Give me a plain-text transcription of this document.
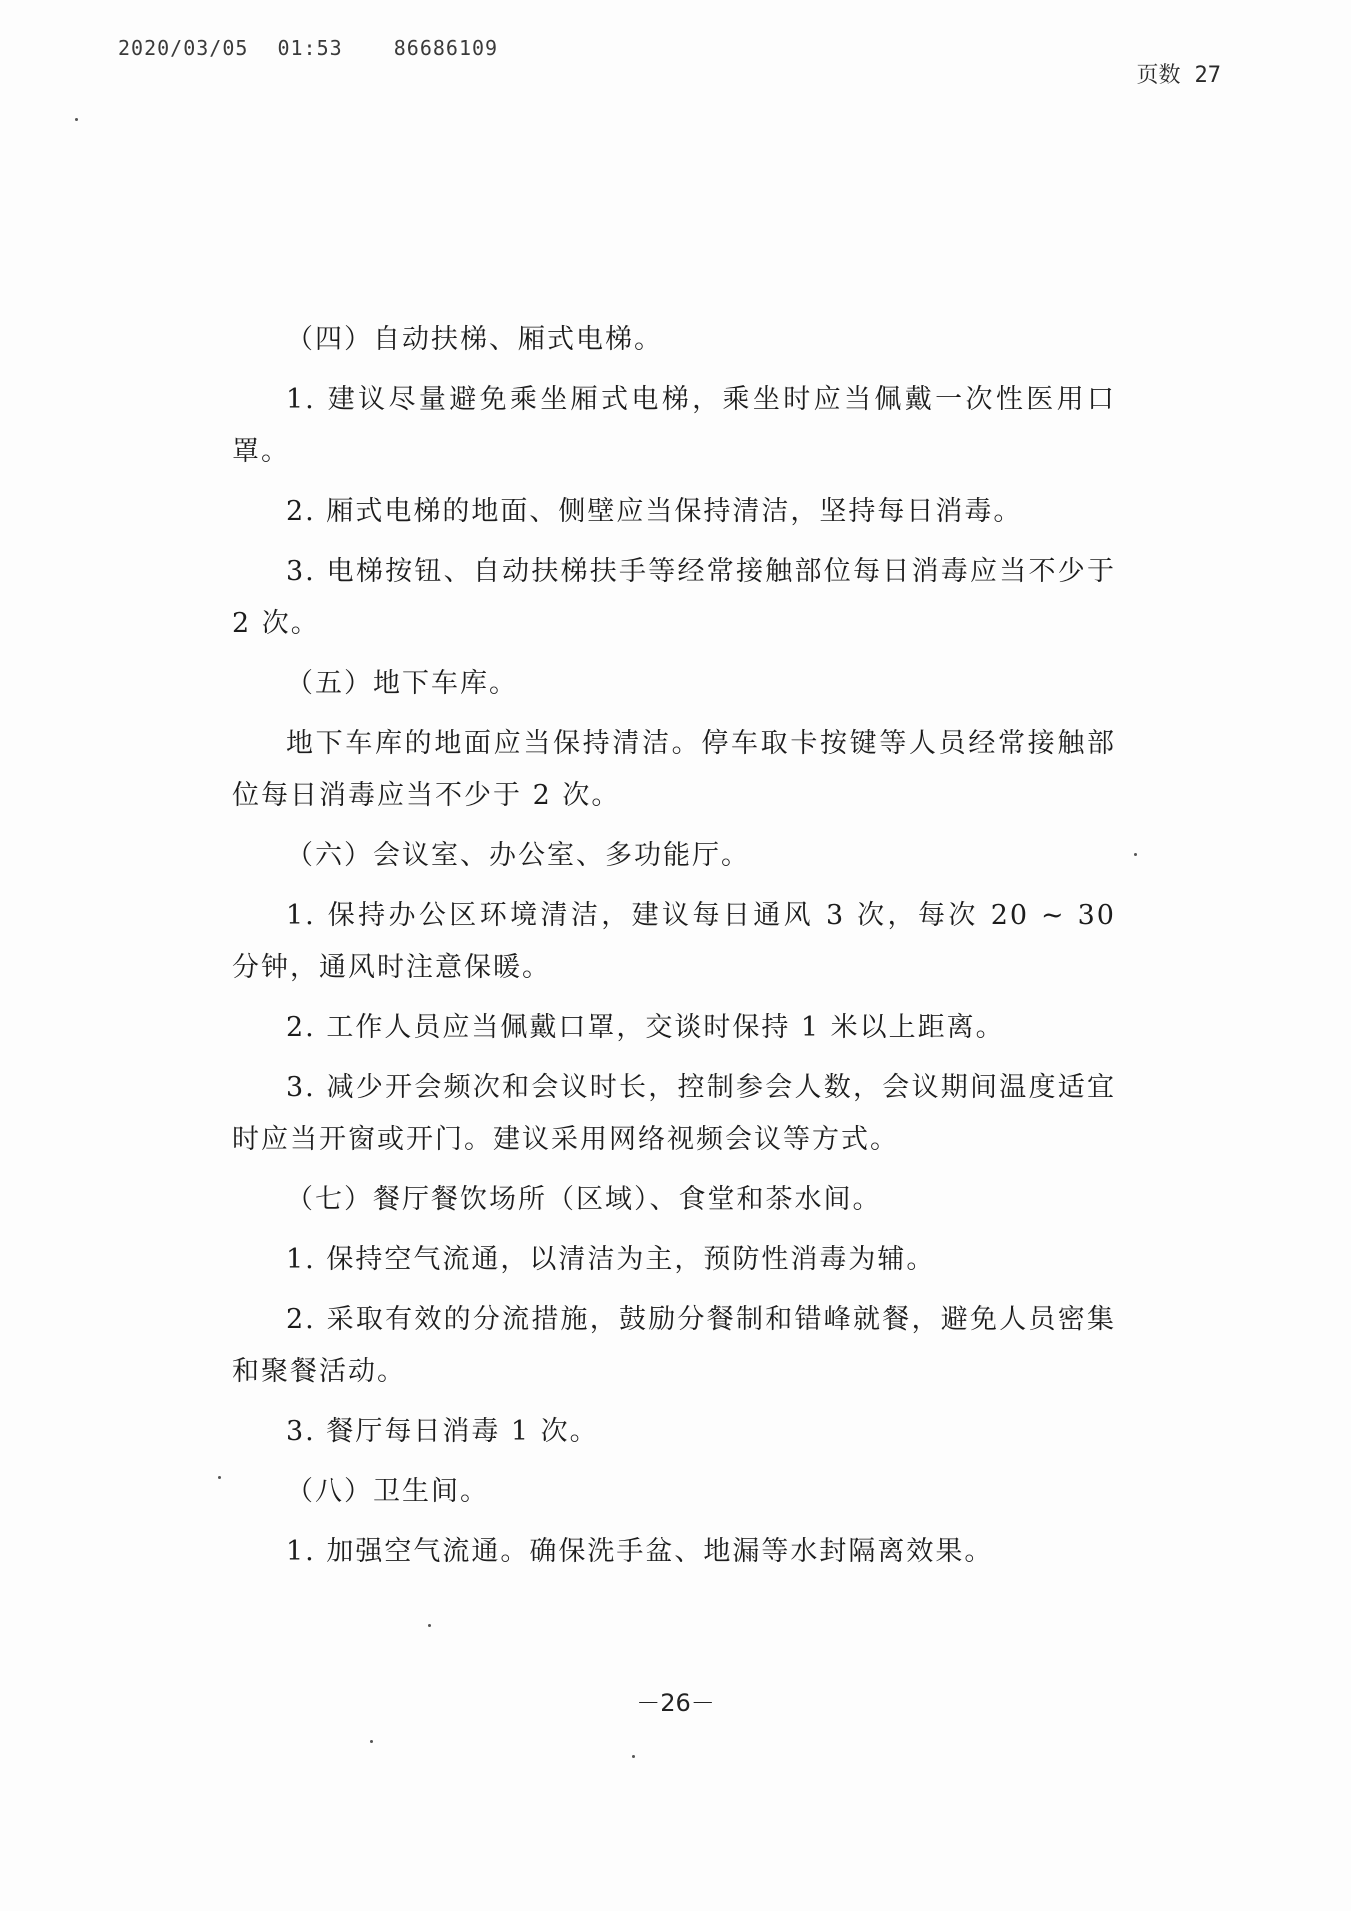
2020/03/05 01:53	86686109
页数 27

（四）自动扶梯、厢式电梯。

1. 建议尽量避免乘坐厢式电梯，乘坐时应当佩戴一次性医用口罩。

2. 厢式电梯的地面、侧壁应当保持清洁，坚持每日消毒。

3. 电梯按钮、自动扶梯扶手等经常接触部位每日消毒应当不少于 2 次。

（五）地下车库。

地下车库的地面应当保持清洁。停车取卡按键等人员经常接触部位每日消毒应当不少于 2 次。

（六）会议室、办公室、多功能厅。

1. 保持办公区环境清洁，建议每日通风 3 次，每次 20 ~ 30 分钟，通风时注意保暖。

2. 工作人员应当佩戴口罩，交谈时保持 1 米以上距离。

3. 减少开会频次和会议时长，控制参会人数，会议期间温度适宜时应当开窗或开门。建议采用网络视频会议等方式。

（七）餐厅餐饮场所（区域）、食堂和茶水间。

1. 保持空气流通，以清洁为主，预防性消毒为辅。

2. 采取有效的分流措施，鼓励分餐制和错峰就餐，避免人员密集和聚餐活动。

3. 餐厅每日消毒 1 次。

（八）卫生间。

1. 加强空气流通。确保洗手盆、地漏等水封隔离效果。

－26－
